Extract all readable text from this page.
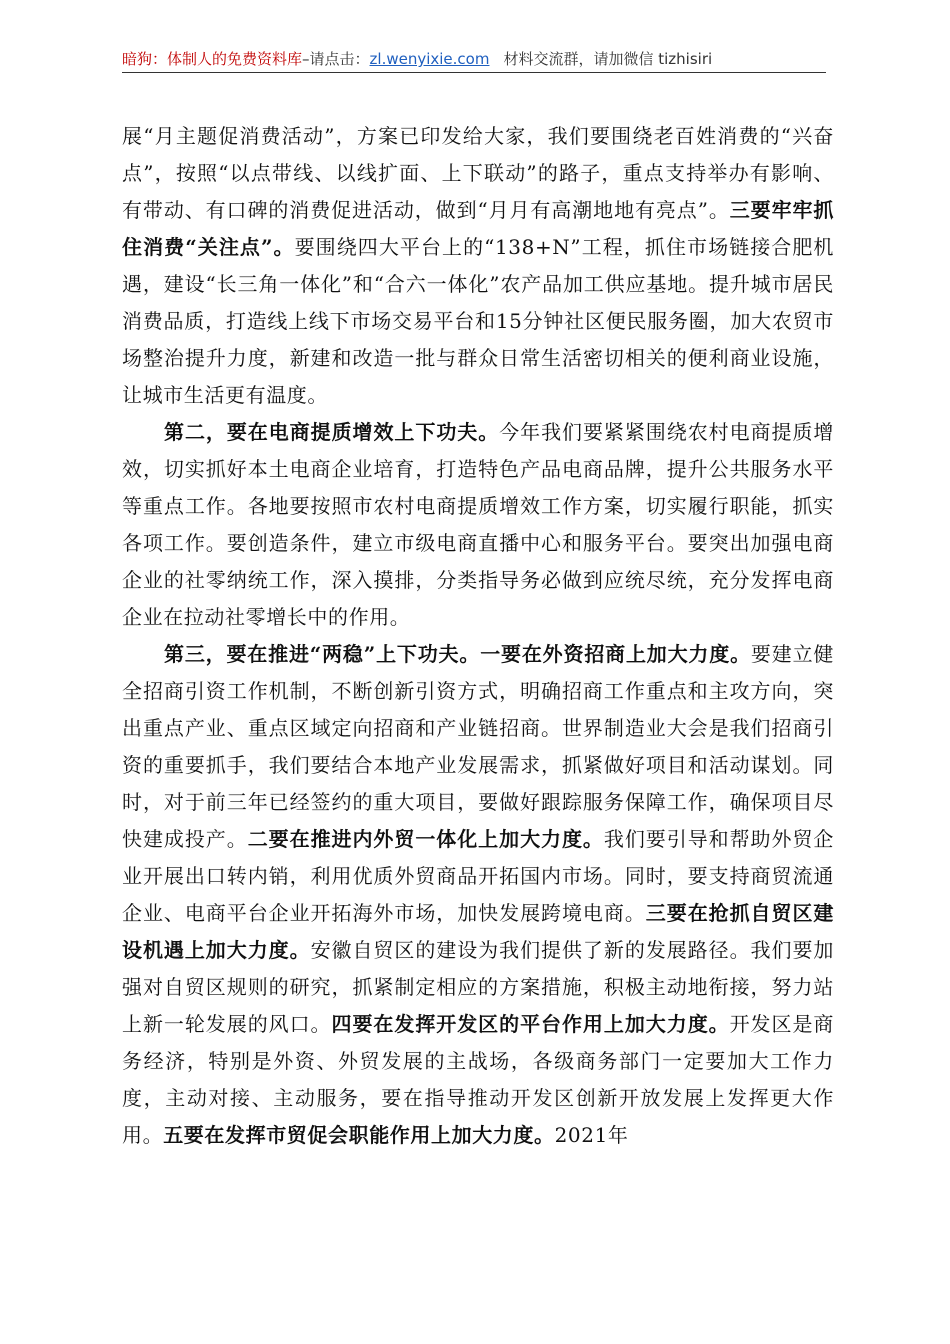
暗狗：体制人的免费资料库–请点击：zl.wenyixie.com 材料交流群，请加微信 tizhisiri

展“月主题促消费活动”，方案已印发给大家，我们要围绕老百姓消费的“兴奋点”，按照“以点带线、以线扩面、上下联动”的路子，重点支持举办有影响、有带动、有口碑的消费促进活动，做到“月月有高潮地地有亮点”。三要牢牢抓住消费“关注点”。要围绕四大平台上的“138+N”工程，抓住市场链接合肥机遇，建设“长三角一体化”和“合六一体化”农产品加工供应基地。提升城市居民消费品质，打造线上线下市场交易平台和15分钟社区便民服务圈，加大农贸市场整治提升力度，新建和改造一批与群众日常生活密切相关的便利商业设施，让城市生活更有温度。

第二，要在电商提质增效上下功夫。今年我们要紧紧围绕农村电商提质增效，切实抓好本土电商企业培育，打造特色产品电商品牌，提升公共服务水平等重点工作。各地要按照市农村电商提质增效工作方案，切实履行职能，抓实各项工作。要创造条件，建立市级电商直播中心和服务平台。要突出加强电商企业的社零纳统工作，深入摸排，分类指导务必做到应统尽统，充分发挥电商企业在拉动社零增长中的作用。

第三，要在推进“两稳”上下功夫。一要在外资招商上加大力度。要建立健全招商引资工作机制，不断创新引资方式，明确招商工作重点和主攻方向，突出重点产业、重点区域定向招商和产业链招商。世界制造业大会是我们招商引资的重要抓手，我们要结合本地产业发展需求，抓紧做好项目和活动谋划。同时，对于前三年已经签约的重大项目，要做好跟踪服务保障工作，确保项目尽快建成投产。二要在推进内外贸一体化上加大力度。我们要引导和帮助外贸企业开展出口转内销，利用优质外贸商品开拓国内市场。同时，要支持商贸流通企业、电商平台企业开拓海外市场，加快发展跨境电商。三要在抢抓自贸区建设机遇上加大力度。安徽自贸区的建设为我们提供了新的发展路径。我们要加强对自贸区规则的研究，抓紧制定相应的方案措施，积极主动地衔接，努力站上新一轮发展的风口。四要在发挥开发区的平台作用上加大力度。开发区是商务经济，特别是外资、外贸发展的主战场，各级商务部门一定要加大工作力度，主动对接、主动服务，要在指导推动开发区创新开放发展上发挥更大作用。五要在发挥市贸促会职能作用上加大力度。2021年
